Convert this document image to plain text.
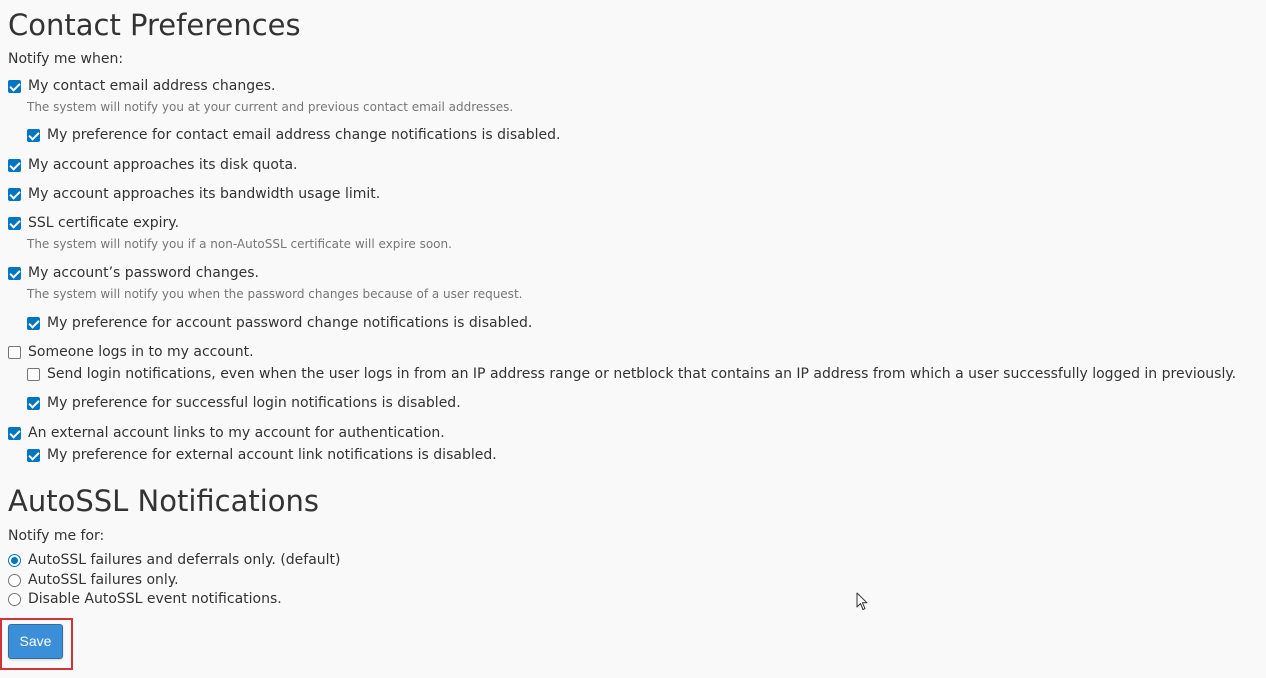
Contact Preferences
Notify me when:
My contact email address changes.
The system will notify you at your current and previous contact email addresses.
My preference for contact email address change notifications is disabled.
My account approaches its disk quota.
My account approaches its bandwidth usage limit.
SSL certificate expiry.
The system will notify you if a non-AutoSSL certificate will expire soon.
My account’s password changes.
The system will notify you when the password changes because of a user request.
My preference for account password change notifications is disabled.
Someone logs in to my account.
Send login notifications, even when the user logs in from an IP address range or netblock that contains an IP address from which a user successfully logged in previously.
My preference for successful login notifications is disabled.
An external account links to my account for authentication.
My preference for external account link notifications is disabled.
AutoSSL Notifications
Notify me for:
AutoSSL failures and deferrals only. (default)
AutoSSL failures only.
Disable AutoSSL event notifications.
Save
